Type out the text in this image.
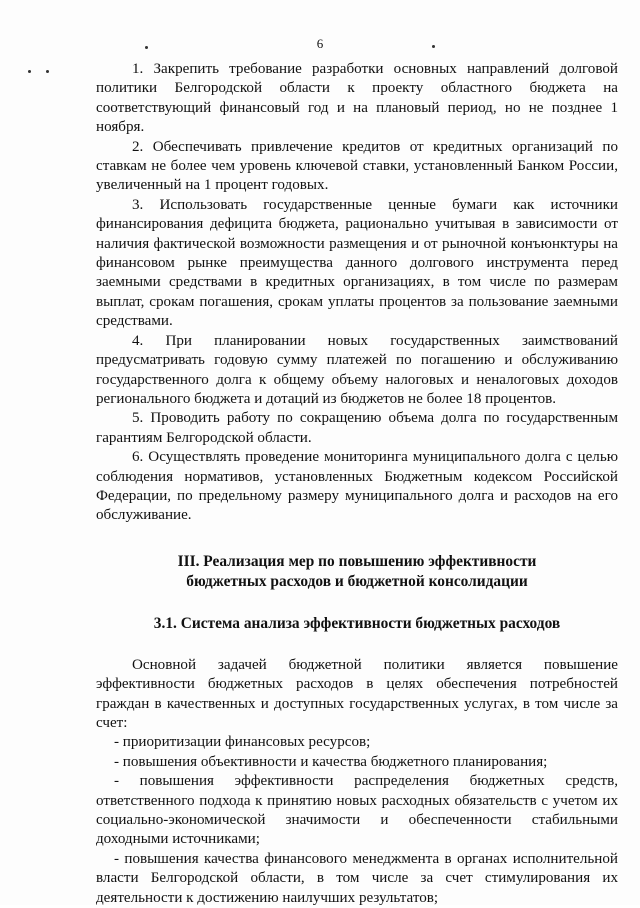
6

1. Закрепить требование разработки основных направлений долговой политики Белгородской области к проекту областного бюджета на соответствующий финансовый год и на плановый период, но не позднее 1 ноября.

2. Обеспечивать привлечение кредитов от кредитных организаций по ставкам не более чем уровень ключевой ставки, установленный Банком России, увеличенный на 1 процент годовых.

3. Использовать государственные ценные бумаги как источники финансирования дефицита бюджета, рационально учитывая в зависимости от наличия фактической возможности размещения и от рыночной конъюнктуры на финансовом рынке преимущества данного долгового инструмента перед заемными средствами в кредитных организациях, в том числе по размерам выплат, срокам погашения, срокам уплаты процентов за пользование заемными средствами.

4. При планировании новых государственных заимствований предусматривать годовую сумму платежей по погашению и обслуживанию государственного долга к общему объему налоговых и неналоговых доходов регионального бюджета и дотаций из бюджетов не более 18 процентов.

5. Проводить работу по сокращению объема долга по государственным гарантиям Белгородской области.

6. Осуществлять проведение мониторинга муниципального долга с целью соблюдения нормативов, установленных Бюджетным кодексом Российской Федерации, по предельному размеру муниципального долга и расходов на его обслуживание.

III. Реализация мер по повышению эффективности
бюджетных расходов и бюджетной консолидации
3.1. Система анализа эффективности бюджетных расходов

Основной задачей бюджетной политики является повышение эффективности бюджетных расходов в целях обеспечения потребностей граждан в качественных и доступных государственных услугах, в том числе за счет:

- приоритизации финансовых ресурсов;

- повышения объективности и качества бюджетного планирования;

- повышения эффективности распределения бюджетных средств, ответственного подхода к принятию новых расходных обязательств с учетом их социально-экономической значимости и обеспеченности стабильными доходными источниками;

- повышения качества финансового менеджмента в органах исполнительной власти Белгородской области, в том числе за счет стимулирования их деятельности к достижению наилучших результатов;
